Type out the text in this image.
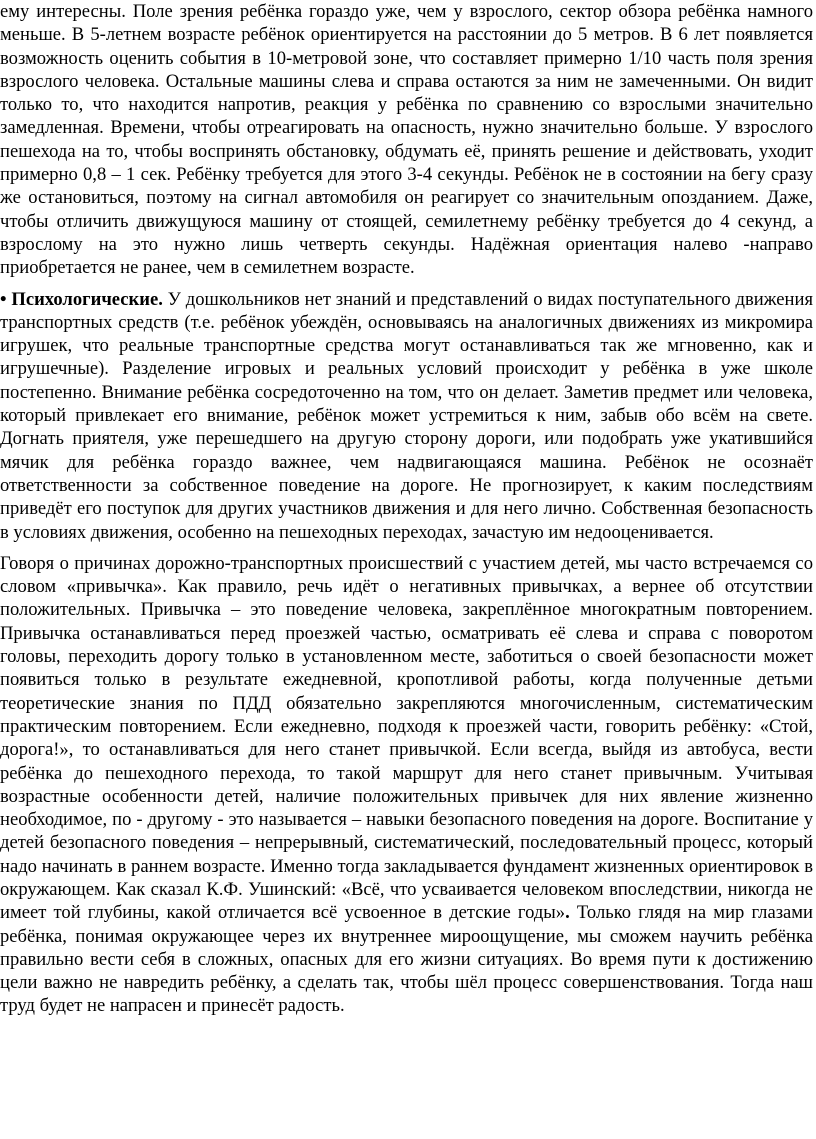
ему интересны. Поле зрения ребёнка гораздо уже, чем у взрослого, сектор обзора ребёнка намного меньше. В 5-летнем возрасте ребёнок ориентируется на расстоянии до 5 метров. В 6 лет появляется возможность оценить события в 10-метровой зоне, что составляет примерно 1/10 часть поля зрения взрослого человека. Остальные машины слева и справа остаются за ним не замеченными. Он видит только то, что находится напротив, реакция у ребёнка по сравнению со взрослыми значительно замедленная. Времени, чтобы отреагировать на опасность, нужно значительно больше. У взрослого пешехода на то, чтобы воспринять обстановку, обдумать её, принять решение и действовать, уходит примерно 0,8 – 1 сек. Ребёнку требуется для этого 3-4 секунды. Ребёнок не в состоянии на бегу сразу же остановиться, поэтому на сигнал автомобиля он реагирует со значительным опозданием. Даже, чтобы отличить движущуюся машину от стоящей, семилетнему ребёнку требуется до 4 секунд, а взрослому на это нужно лишь четверть секунды. Надёжная ориентация налево -направо приобретается не ранее, чем в семилетнем возрасте.

• Психологические. У дошкольников нет знаний и представлений о видах поступательного движения транспортных средств (т.е. ребёнок убеждён, основываясь на аналогичных движениях из микромира игрушек, что реальные транспортные средства могут останавливаться так же мгновенно, как и игрушечные). Разделение игровых и реальных условий происходит у ребёнка в уже школе постепенно. Внимание ребёнка сосредоточенно на том, что он делает. Заметив предмет или человека, который привлекает его внимание, ребёнок может устремиться к ним, забыв обо всём на свете. Догнать приятеля, уже перешедшего на другую сторону дороги, или подобрать уже укатившийся мячик для ребёнка гораздо важнее, чем надвигающаяся машина. Ребёнок не осознаёт ответственности за собственное поведение на дороге. Не прогнозирует, к каким последствиям приведёт его поступок для других участников движения и для него лично. Собственная безопасность в условиях движения, особенно на пешеходных переходах, зачастую им недооценивается.

Говоря о причинах дорожно-транспортных происшествий с участием детей, мы часто встречаемся со словом «привычка». Как правило, речь идёт о негативных привычках, а вернее об отсутствии положительных. Привычка – это поведение человека, закреплённое многократным повторением. Привычка останавливаться перед проезжей частью, осматривать её слева и справа с поворотом головы, переходить дорогу только в установленном месте, заботиться о своей безопасности может появиться только в результате ежедневной, кропотливой работы, когда полученные детьми теоретические знания по ПДД обязательно закрепляются многочисленным, систематическим практическим повторением. Если ежедневно, подходя к проезжей части, говорить ребёнку: «Стой, дорога!», то останавливаться для него станет привычкой. Если всегда, выйдя из автобуса, вести ребёнка до пешеходного перехода, то такой маршрут для него станет привычным. Учитывая возрастные особенности детей, наличие положительных привычек для них явление жизненно необходимое, по - другому - это называется – навыки безопасного поведения на дороге. Воспитание у детей безопасного поведения – непрерывный, систематический, последовательный процесс, который надо начинать в раннем возрасте. Именно тогда закладывается фундамент жизненных ориентировок в окружающем. Как сказал К.Ф. Ушинский: «Всё, что усваивается человеком впоследствии, никогда не имеет той глубины, какой отличается всё усвоенное в детские годы». Только глядя на мир глазами ребёнка, понимая окружающее через их внутреннее мироощущение, мы сможем научить ребёнка правильно вести себя в сложных, опасных для его жизни ситуациях. Во время пути к достижению цели важно не навредить ребёнку, а сделать так, чтобы шёл процесс совершенствования. Тогда наш труд будет не напрасен и принесёт радость.
